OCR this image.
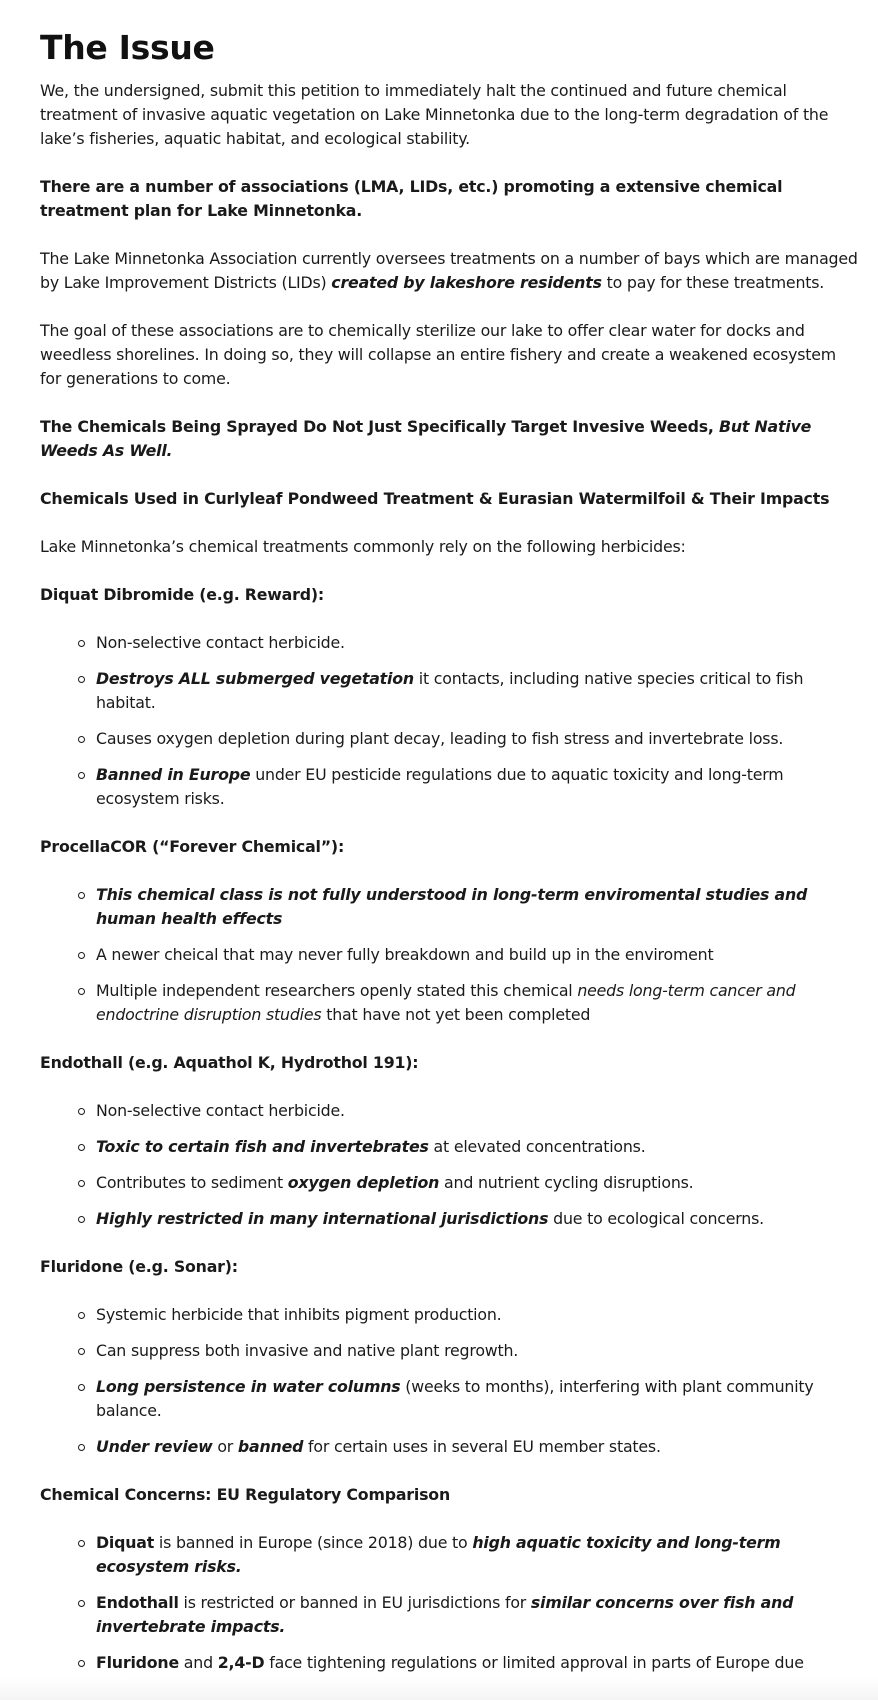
The Issue

We, the undersigned, submit this petition to immediately halt the continued and future chemical treatment of invasive aquatic vegetation on Lake Minnetonka due to the long-term degradation of the lake’s fisheries, aquatic habitat, and ecological stability.

There are a number of associations (LMA, LIDs, etc.) promoting a extensive chemical treatment plan for Lake Minnetonka.

The Lake Minnetonka Association currently oversees treatments on a number of bays which are managed by Lake Improvement Districts (LIDs) created by lakeshore residents to pay for these treatments.

The goal of these associations are to chemically sterilize our lake to offer clear water for docks and weedless shorelines. In doing so, they will collapse an entire fishery and create a weakened ecosystem for generations to come.

The Chemicals Being Sprayed Do Not Just Specifically Target Invesive Weeds, But Native Weeds As Well.

Chemicals Used in Curlyleaf Pondweed Treatment & Eurasian Watermilfoil & Their Impacts

Lake Minnetonka’s chemical treatments commonly rely on the following herbicides:

Diquat Dibromide (e.g. Reward):

Non-selective contact herbicide.
Destroys ALL submerged vegetation it contacts, including native species critical to fish habitat.
Causes oxygen depletion during plant decay, leading to fish stress and invertebrate loss.
Banned in Europe under EU pesticide regulations due to aquatic toxicity and long-term ecosystem risks.

ProcellaCOR (“Forever Chemical”):

This chemical class is not fully understood in long-term enviromental studies and human health effects
A newer cheical that may never fully breakdown and build up in the enviroment
Multiple independent researchers openly stated this chemical needs long-term cancer and endoctrine disruption studies that have not yet been completed

Endothall (e.g. Aquathol K, Hydrothol 191):

Non-selective contact herbicide.
Toxic to certain fish and invertebrates at elevated concentrations.
Contributes to sediment oxygen depletion and nutrient cycling disruptions.
Highly restricted in many international jurisdictions due to ecological concerns.

Fluridone (e.g. Sonar):

Systemic herbicide that inhibits pigment production.
Can suppress both invasive and native plant regrowth.
Long persistence in water columns (weeks to months), interfering with plant community balance.
Under review or banned for certain uses in several EU member states.

Chemical Concerns: EU Regulatory Comparison

Diquat is banned in Europe (since 2018) due to high aquatic toxicity and long-term ecosystem risks.
Endothall is restricted or banned in EU jurisdictions for similar concerns over fish and invertebrate impacts.
Fluridone and 2,4-D face tightening regulations or limited approval in parts of Europe due
